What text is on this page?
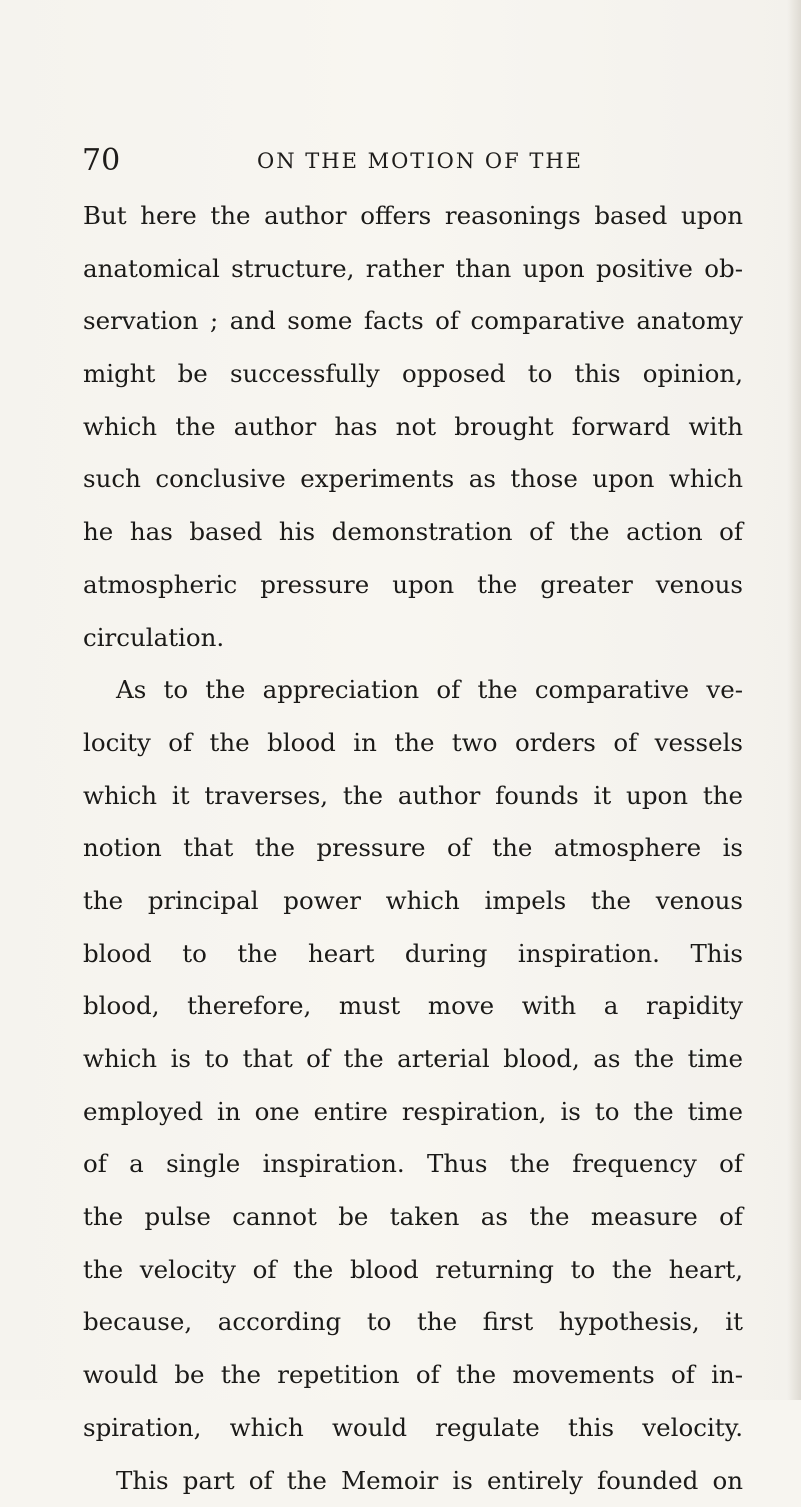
70	ON THE MOTION OF THE
But here the author offers reasonings based upon
anatomical structure, rather than upon positive ob-
servation ; and some facts of comparative anatomy
might be successfully opposed to this opinion,
which the author has not brought forward with
such conclusive experiments as those upon which
he has based his demonstration of the action of
atmospheric pressure upon the greater venous
circulation.
As to the appreciation of the comparative ve-
locity of the blood in the two orders of vessels
which it traverses, the author founds it upon the
notion that the pressure of the atmosphere is
the principal power which impels the venous
blood to the heart during inspiration. This
blood, therefore, must move with a rapidity
which is to that of the arterial blood, as the time
employed in one entire respiration, is to the time
of a single inspiration. Thus the frequency of
the pulse cannot be taken as the measure of
the velocity of the blood returning to the heart,
because, according to the first hypothesis, it
would be the repetition of the movements of in-
spiration, which would regulate this velocity.
This part of the Memoir is entirely founded on
